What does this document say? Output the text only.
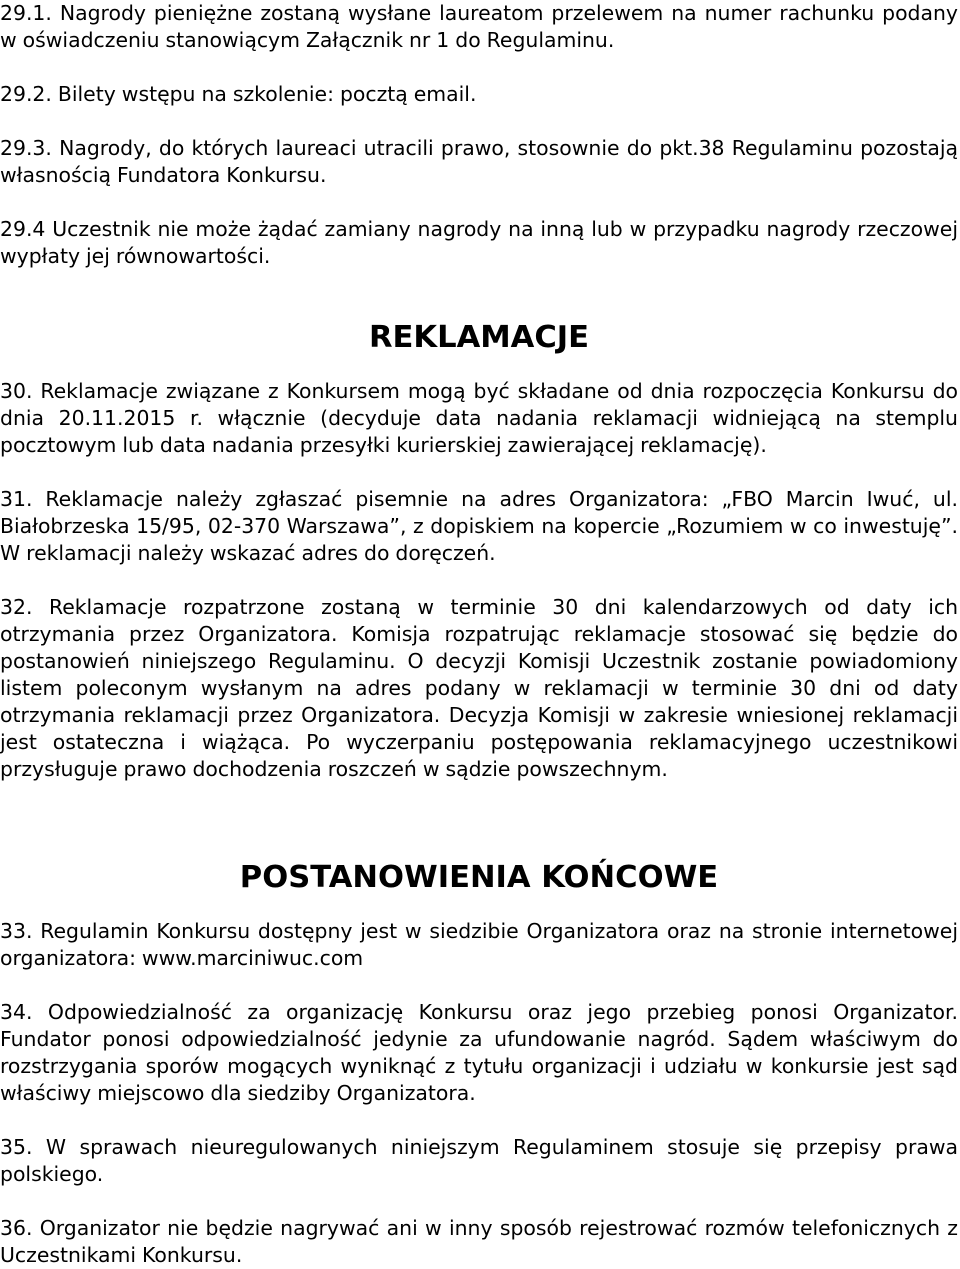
29.1. Nagrody pieniężne zostaną wysłane laureatom przelewem na numer rachunku podany w oświadczeniu stanowiącym Załącznik nr 1 do Regulaminu.

29.2. Bilety wstępu na szkolenie: pocztą email.

29.3. Nagrody, do których laureaci utracili prawo, stosownie do pkt.38 Regulaminu pozostają własnością Fundatora Konkursu.

29.4 Uczestnik nie może żądać zamiany nagrody na inną lub w przypadku nagrody rzeczowej wypłaty jej równowartości.

REKLAMACJE

30. Reklamacje związane z Konkursem mogą być składane od dnia rozpoczęcia Konkursu do dnia 20.11.2015 r. włącznie (decyduje data nadania reklamacji widniejącą na stemplu pocztowym lub data nadania przesyłki kurierskiej zawierającej reklamację).

31. Reklamacje należy zgłaszać pisemnie na adres Organizatora: „FBO Marcin Iwuć, ul. Białobrzeska 15/95, 02-370 Warszawa”, z dopiskiem na kopercie „Rozumiem w co inwestuję”. W reklamacji należy wskazać adres do doręczeń.

32. Reklamacje rozpatrzone zostaną w terminie 30 dni kalendarzowych od daty ich otrzymania przez Organizatora. Komisja rozpatrując reklamacje stosować się będzie do postanowień niniejszego Regulaminu. O decyzji Komisji Uczestnik zostanie powiadomiony listem poleconym wysłanym na adres podany w reklamacji w terminie 30 dni od daty otrzymania reklamacji przez Organizatora. Decyzja Komisji w zakresie wniesionej reklamacji jest ostateczna i wiążąca. Po wyczerpaniu postępowania reklamacyjnego uczestnikowi przysługuje prawo dochodzenia roszczeń w sądzie powszechnym.

POSTANOWIENIA KOŃCOWE

33. Regulamin Konkursu dostępny jest w siedzibie Organizatora oraz na stronie internetowej organizatora: www.marciniwuc.com

34. Odpowiedzialność za organizację Konkursu oraz jego przebieg ponosi Organizator. Fundator ponosi odpowiedzialność jedynie za ufundowanie nagród. Sądem właściwym do rozstrzygania sporów mogących wyniknąć z tytułu organizacji i udziału w konkursie jest sąd właściwy miejscowo dla siedziby Organizatora.

35. W sprawach nieuregulowanych niniejszym Regulaminem stosuje się przepisy prawa polskiego.

36. Organizator nie będzie nagrywać ani w inny sposób rejestrować rozmów telefonicznych z Uczestnikami Konkursu.
